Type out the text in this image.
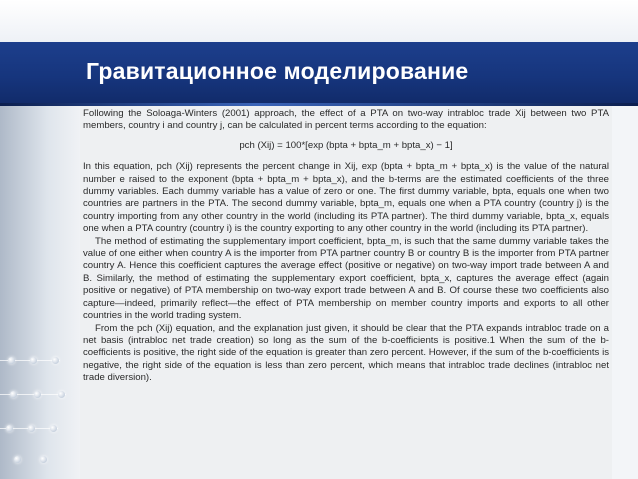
Гравитационное моделирование

Following the Soloaga-Winters (2001) approach, the effect of a PTA on two-way intrabloc trade Xij between two PTA members, country i and country j, can be calculated in percent terms according to the equation:

pch (Xij) = 100*[exp (bpta + bpta_m + bpta_x) − 1]

In this equation, pch (Xij) represents the percent change in Xij, exp (bpta + bpta_m + bpta_x) is the value of the natural number e raised to the exponent (bpta + bpta_m + bpta_x), and the b-terms are the estimated coefficients of the three dummy variables. Each dummy variable has a value of zero or one. The first dummy variable, bpta, equals one when two countries are partners in the PTA. The second dummy variable, bpta_m, equals one when a PTA country (country j) is the country importing from any other country in the world (including its PTA partner). The third dummy variable, bpta_x, equals one when a PTA country (country i) is the country exporting to any other country in the world (including its PTA partner).

The method of estimating the supplementary import coefficient, bpta_m, is such that the same dummy variable takes the value of one either when country A is the importer from PTA partner country B or country B is the importer from PTA partner country A. Hence this coefficient captures the average effect (positive or negative) on two-way import trade between A and B. Similarly, the method of estimating the supplementary export coefficient, bpta_x, captures the average effect (again positive or negative) of PTA membership on two-way export trade between A and B. Of course these two coefficients also capture—indeed, primarily reflect—the effect of PTA membership on member country imports and exports to all other countries in the world trading system.

From the pch (Xij) equation, and the explanation just given, it should be clear that the PTA expands intrabloc trade on a net basis (intrabloc net trade creation) so long as the sum of the b-coefficients is positive.1 When the sum of the b-coefficients is positive, the right side of the equation is greater than zero percent. However, if the sum of the b-coefficients is negative, the right side of the equation is less than zero percent, which means that intrabloc trade declines (intrabloc net trade diversion).
